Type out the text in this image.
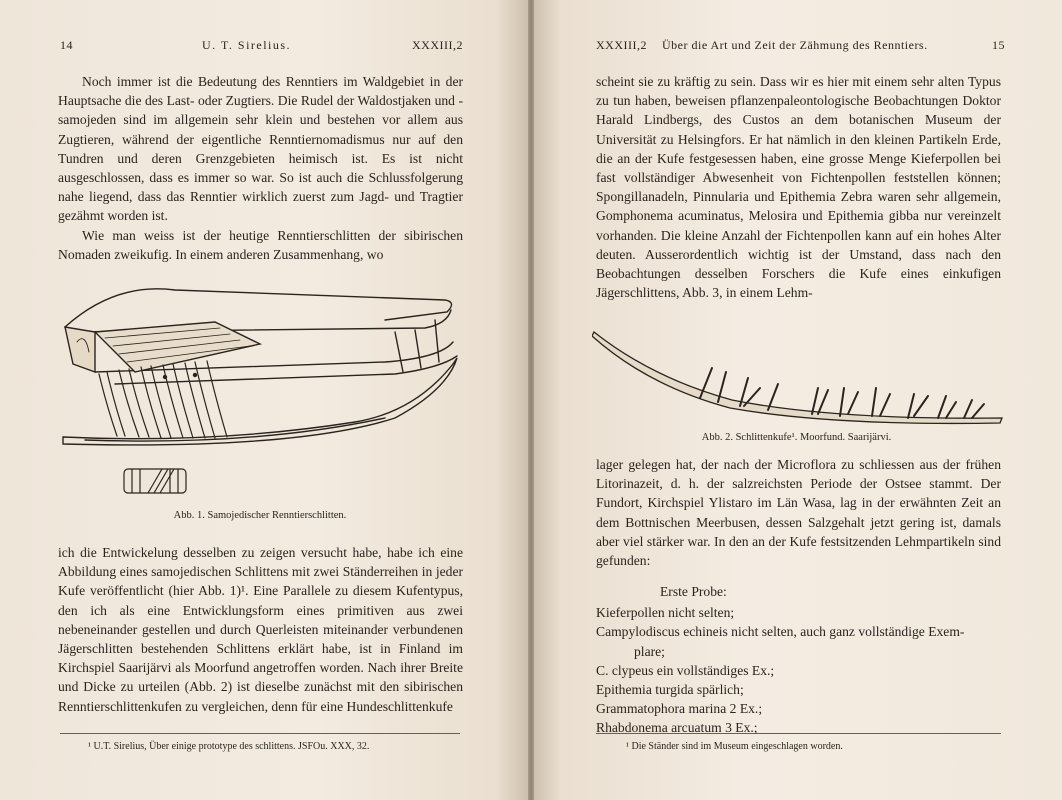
14	U. T. Sirelius.	XXXIII,2

Noch immer ist die Bedeutung des Renntiers im Waldgebiet in der Hauptsache die des Last- oder Zugtiers. Die Rudel der Waldostjaken und -samojeden sind im allgemein sehr klein und bestehen vor allem aus Zugtieren, während der eigentliche Renntiernomadismus nur auf den Tundren und deren Grenzgebieten heimisch ist. Es ist nicht ausgeschlossen, dass es immer so war. So ist auch die Schlussfolgerung nahe liegend, dass das Renntier wirklich zuerst zum Jagd- und Tragtier gezähmt worden ist.

Wie man weiss ist der heutige Renntierschlitten der sibirischen Nomaden zweikufig. In einem anderen Zusammenhang, wo

Abb. 1. Samojedischer Renntierschlitten.

ich die Entwickelung desselben zu zeigen versucht habe, habe ich eine Abbildung eines samojedischen Schlittens mit zwei Ständerreihen in jeder Kufe veröffentlicht (hier Abb. 1)¹. Eine Parallele zu diesem Kufentypus, den ich als eine Entwicklungsform eines primitiven aus zwei nebeneinander gestellen und durch Querleisten miteinander verbundenen Jägerschlitten bestehenden Schlittens erklärt habe, ist in Finland im Kirchspiel Saarijärvi als Moorfund angetroffen worden. Nach ihrer Breite und Dicke zu urteilen (Abb. 2) ist dieselbe zunächst mit den sibirischen Renntierschlittenkufen zu vergleichen, denn für eine Hundeschlittenkufe

¹ U.T. Sirelius, Über einige prototype des schlittens. JSFOu. XXX, 32.
XXXIII,2 Über die Art und Zeit der Zähmung des Renntiers.	15

scheint sie zu kräftig zu sein. Dass wir es hier mit einem sehr alten Typus zu tun haben, beweisen pflanzenpaleontologische Beobachtungen Doktor Harald Lindbergs, des Custos an dem botanischen Museum der Universität zu Helsingfors. Er hat nämlich in den kleinen Partikeln Erde, die an der Kufe festgesessen haben, eine grosse Menge Kieferpollen bei fast vollständiger Abwesenheit von Fichtenpollen feststellen können; Spongillanadeln, Pinnularia und Epithemia Zebra waren sehr allgemein, Gomphonema acuminatus, Melosira und Epithemia gibba nur vereinzelt vorhanden. Die kleine Anzahl der Fichtenpollen kann auf ein hohes Alter deuten. Ausserordentlich wichtig ist der Umstand, dass nach den Beobachtungen desselben Forschers die Kufe eines einkufigen Jägerschlittens, Abb. 3, in einem Lehm-

Abb. 2. Schlittenkufe¹. Moorfund. Saarijärvi.

lager gelegen hat, der nach der Microflora zu schliessen aus der frühen Litorinazeit, d. h. der salzreichsten Periode der Ostsee stammt. Der Fundort, Kirchspiel Ylistaro im Län Wasa, lag in der erwähnten Zeit an dem Bottnischen Meerbusen, dessen Salzgehalt jetzt gering ist, damals aber viel stärker war. In den an der Kufe festsitzenden Lehmpartikeln sind gefunden:

Erste Probe:
Kieferpollen nicht selten;
Campylodiscus echineis nicht selten, auch ganz vollständige Exem-
plare;
C. clypeus ein vollständiges Ex.;
Epithemia turgida spärlich;
Grammatophora marina 2 Ex.;
Rhabdonema arcuatum 3 Ex.;
¹ Die Ständer sind im Museum eingeschlagen worden.
